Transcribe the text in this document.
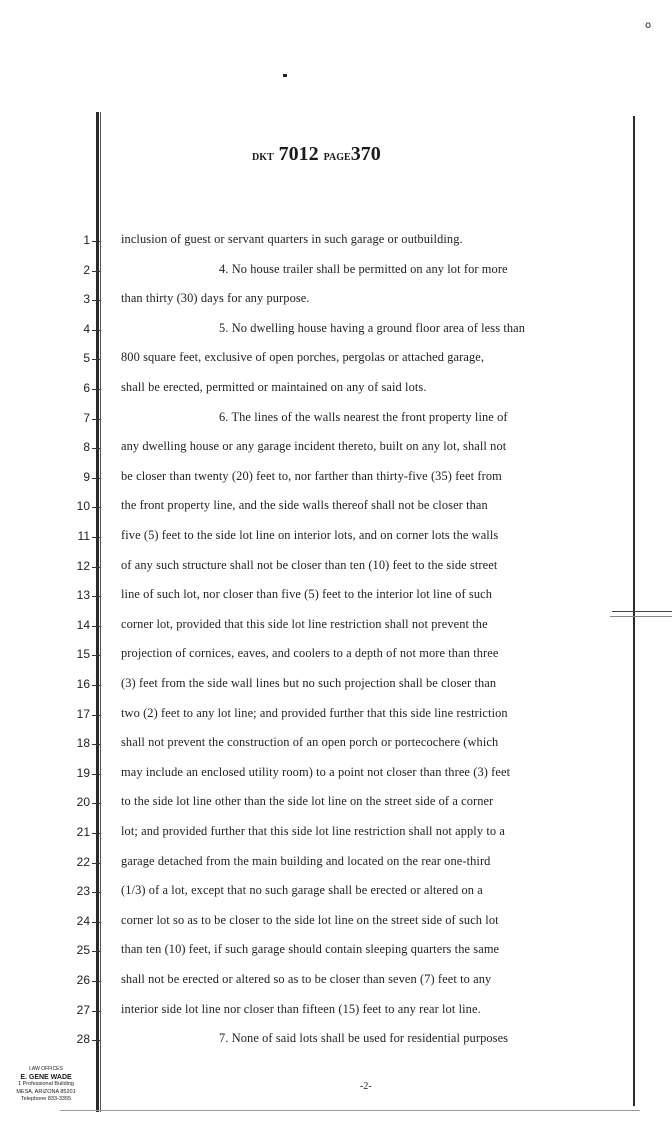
o
DKT 7012 PAGE370
1	inclusion of guest or servant quarters in such garage or outbuilding.
2	4. No house trailer shall be permitted on any lot for more
3	than thirty (30) days for any purpose.
4	5. No dwelling house having a ground floor area of less than
5	800 square feet, exclusive of open porches, pergolas or attached garage,
6	shall be erected, permitted or maintained on any of said lots.
7	6. The lines of the walls nearest the front property line of
8	any dwelling house or any garage incident thereto, built on any lot, shall not
9	be closer than twenty (20) feet to, nor farther than thirty-five (35) feet from
10	the front property line, and the side walls thereof shall not be closer than
11	five (5) feet to the side lot line on interior lots, and on corner lots the walls
12	of any such structure shall not be closer than ten (10) feet to the side street
13	line of such lot, nor closer than five (5) feet to the interior lot line of such
14	corner lot, provided that this side lot line restriction shall not prevent the
15	projection of cornices, eaves, and coolers to a depth of not more than three
16	(3) feet from the side wall lines but no such projection shall be closer than
17	two (2) feet to any lot line; and provided further that this side line restriction
18	shall not prevent the construction of an open porch or portecochere (which
19	may include an enclosed utility room) to a point not closer than three (3) feet
20	to the side lot line other than the side lot line on the street side of a corner
21	lot; and provided further that this side lot line restriction shall not apply to a
22	garage detached from the main building and located on the rear one-third
23	(1/3) of a lot, except that no such garage shall be erected or altered on a
24	corner lot so as to be closer to the side lot line on the street side of such lot
25	than ten (10) feet, if such garage should contain sleeping quarters the same
26	shall not be erected or altered so as to be closer than seven (7) feet to any
27	interior side lot line nor closer than fifteen (15) feet to any rear lot line.
28	7. None of said lots shall be used for residential purposes
-2-
LAW OFFICES
E. GENE WADE
1 Professional Building
MESA, ARIZONA 85201
Telephone 833-3355
